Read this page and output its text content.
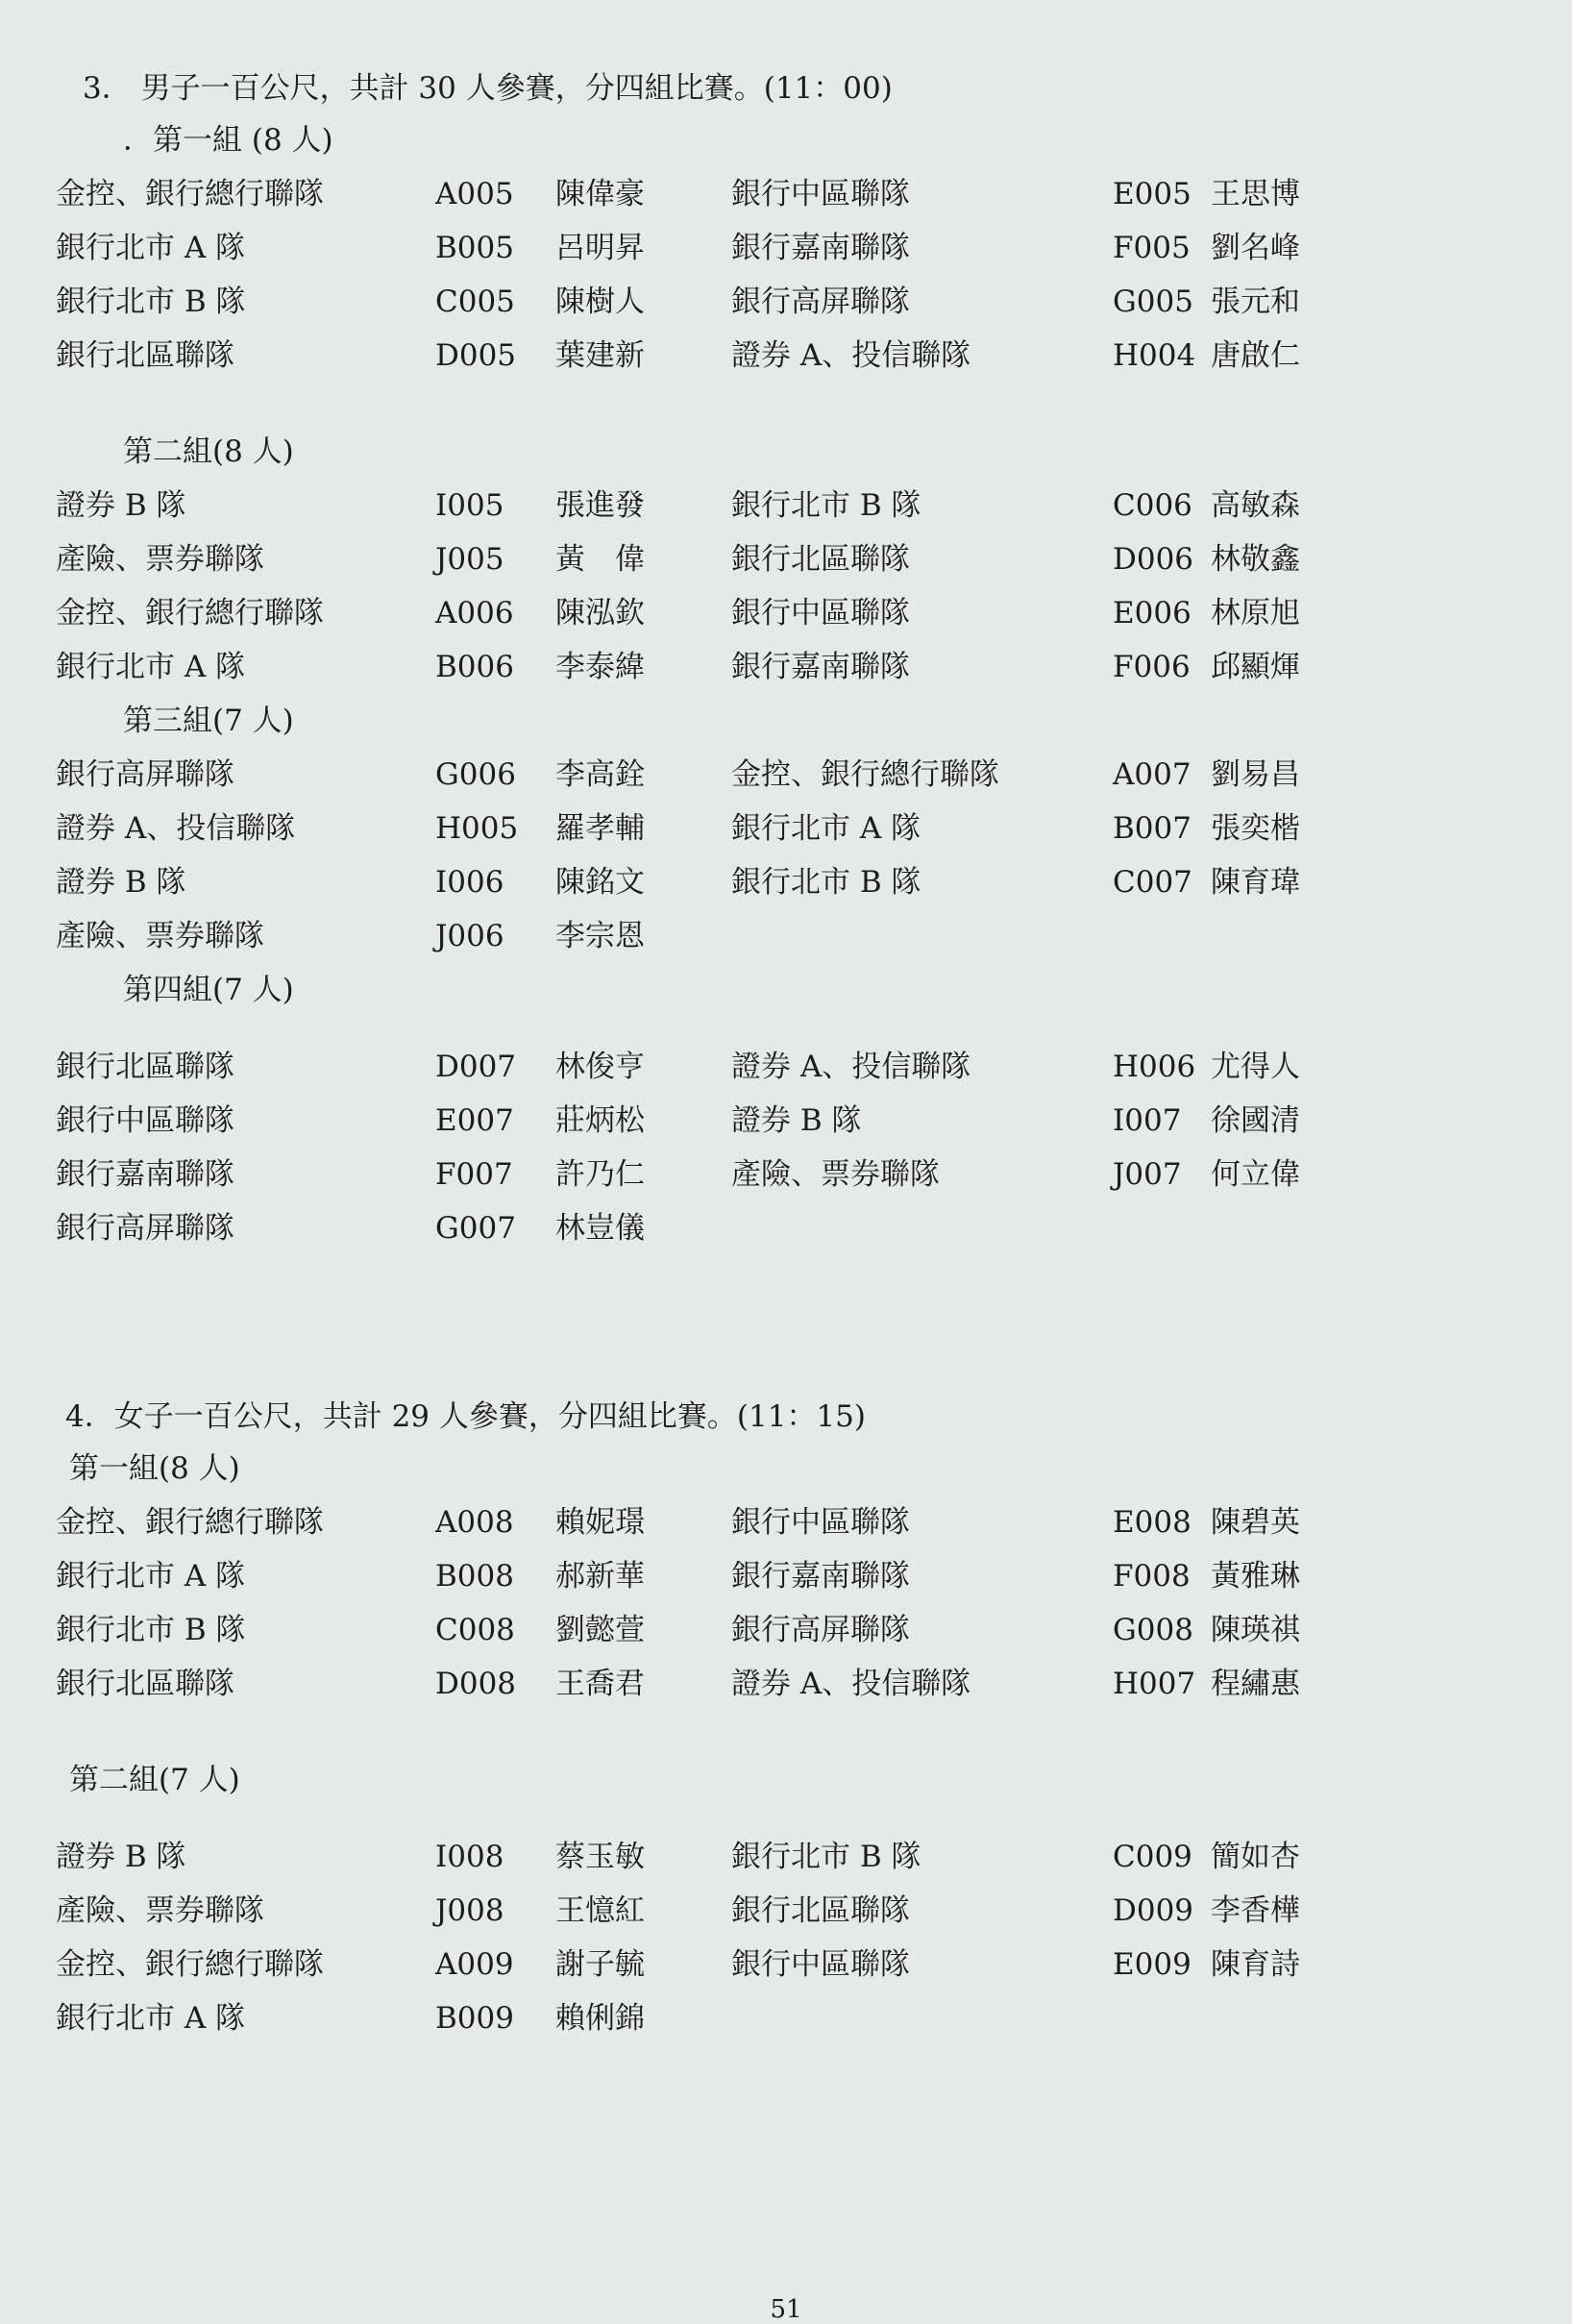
3． 男子一百公尺，共計 30 人參賽，分四組比賽。(11：00)
．第一組 (8 人)
金控、銀行總行聯隊	A005 陳偉豪	銀行中區聯隊	E005 王思博
銀行北市 A 隊	B005 呂明昇	銀行嘉南聯隊	F005 劉名峰
銀行北市 B 隊	C005 陳樹人	銀行高屏聯隊	G005 張元和
銀行北區聯隊	D005 葉建新	證券 A、投信聯隊	H004 唐啟仁
第二組(8 人)
證券 B 隊	I005 張進發	銀行北市 B 隊	C006 高敏森
產險、票券聯隊	J005 黃　偉	銀行北區聯隊	D006 林敬鑫
金控、銀行總行聯隊	A006 陳泓欽	銀行中區聯隊	E006 林原旭
銀行北市 A 隊	B006 李泰緯	銀行嘉南聯隊	F006 邱顯煇
第三組(7 人)
銀行高屏聯隊	G006 李高銓	金控、銀行總行聯隊	A007 劉易昌
證券 A、投信聯隊	H005 羅孝輔	銀行北市 A 隊	B007 張奕楷
證券 B 隊	I006 陳銘文	銀行北市 B 隊	C007 陳育瑋
產險、票券聯隊	J006 李宗恩
第四組(7 人)
銀行北區聯隊	D007 林俊亨	證券 A、投信聯隊	H006 尤得人
銀行中區聯隊	E007 莊炳松	證券 B 隊	I007 徐國清
銀行嘉南聯隊	F007 許乃仁	產險、票券聯隊	J007 何立偉
銀行高屏聯隊	G007 林豈儀
4．女子一百公尺，共計 29 人參賽，分四組比賽。(11：15)
第一組(8 人)
金控、銀行總行聯隊	A008 賴妮璟	銀行中區聯隊	E008 陳碧英
銀行北市 A 隊	B008 郝新華	銀行嘉南聯隊	F008 黃雅琳
銀行北市 B 隊	C008 劉懿萱	銀行高屏聯隊	G008 陳瑛祺
銀行北區聯隊	D008 王喬君	證券 A、投信聯隊	H007 程繡惠
第二組(7 人)
證券 B 隊	I008 蔡玉敏	銀行北市 B 隊	C009 簡如杏
產險、票券聯隊	J008 王憶紅	銀行北區聯隊	D009 李香樺
金控、銀行總行聯隊	A009 謝子毓	銀行中區聯隊	E009 陳育詩
銀行北市 A 隊	B009 賴俐錦
51
